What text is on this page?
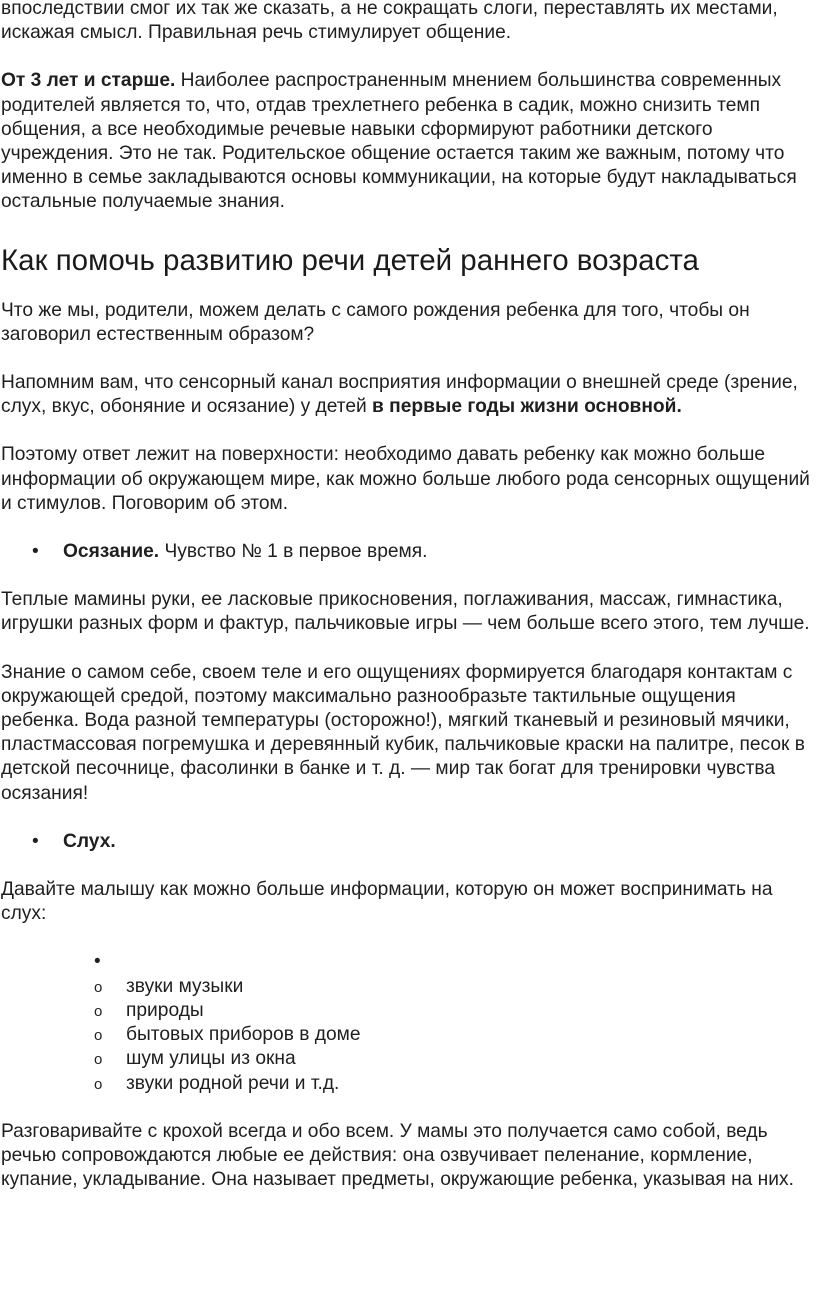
впоследствии смог их так же сказать, а не сокращать слоги, переставлять их местами, искажая смысл. Правильная речь стимулирует общение.

От 3 лет и старше. Наиболее распространенным мнением большинства современных родителей является то, что, отдав трехлетнего ребенка в садик, можно снизить темп общения, а все необходимые речевые навыки сформируют работники детского учреждения. Это не так. Родительское общение остается таким же важным, потому что именно в семье закладываются основы коммуникации, на которые будут накладываться остальные получаемые знания.

Как помочь развитию речи детей раннего возраста

Что же мы, родители, можем делать с самого рождения ребенка для того, чтобы он заговорил естественным образом?

Напомним вам, что сенсорный канал восприятия информации о внешней среде (зрение, слух, вкус, обоняние и осязание) у детей в первые годы жизни основной.

Поэтому ответ лежит на поверхности: необходимо давать ребенку как можно больше информации об окружающем мире, как можно больше любого рода сенсорных ощущений и стимулов. Поговорим об этом.

• Осязание. Чувство № 1 в первое время.

Теплые мамины руки, ее ласковые прикосновения, поглаживания, массаж, гимнастика, игрушки разных форм и фактур, пальчиковые игры — чем больше всего этого, тем лучше.

Знание о самом себе, своем теле и его ощущениях формируется благодаря контактам с окружающей средой, поэтому максимально разнообразьте тактильные ощущения ребенка. Вода разной температуры (осторожно!), мягкий тканевый и резиновый мячики, пластмассовая погремушка и деревянный кубик, пальчиковые краски на палитре, песок в детской песочнице, фасолинки в банке и т. д. — мир так богат для тренировки чувства осязания!

• Слух.

Давайте малышу как можно больше информации, которую он может воспринимать на слух:

•

o звуки музыки
o природы
o бытовых приборов в доме
o шум улицы из окна
o звуки родной речи и т.д.

Разговаривайте с крохой всегда и обо всем. У мамы это получается само собой, ведь речью сопровождаются любые ее действия: она озвучивает пеленание, кормление, купание, укладывание. Она называет предметы, окружающие ребенка, указывая на них.
